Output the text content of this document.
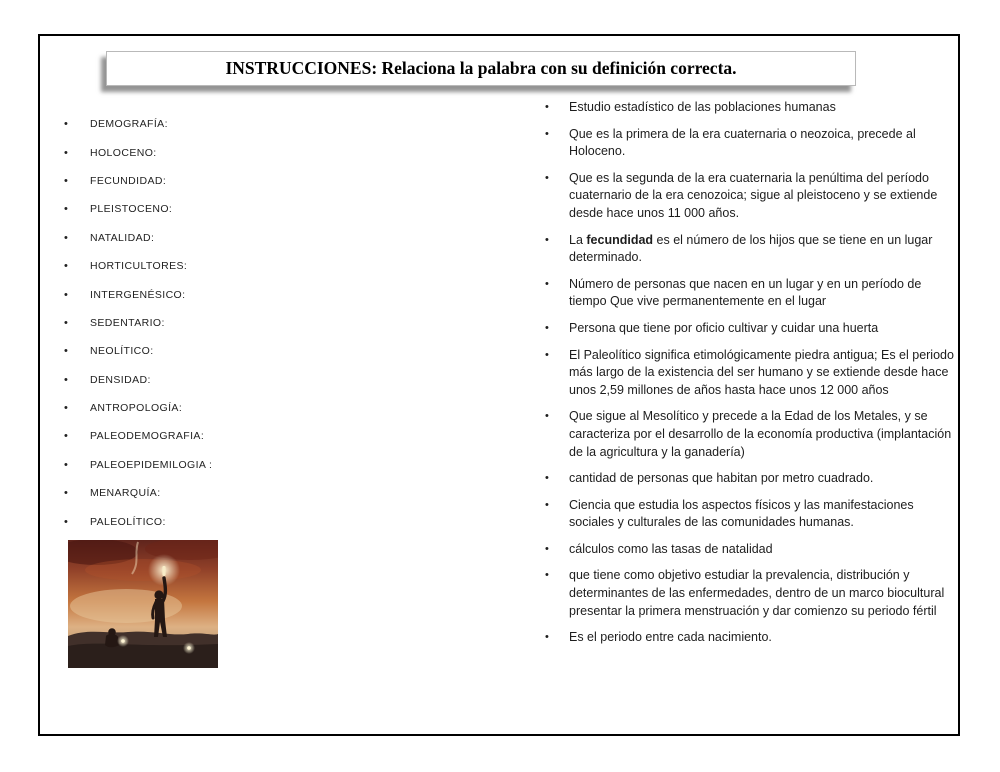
INSTRUCCIONES: Relaciona la palabra con su definición correcta.
•	DEMOGRAFÍA:
•	HOLOCENO:
•	FECUNDIDAD:
•	PLEISTOCENO:
•	NATALIDAD:
•	HORTICULTORES:
•	INTERGENÉSICO:
•	SEDENTARIO:
•	NEOLÍTICO:
•	DENSIDAD:
•	ANTROPOLOGÍA:
•	PALEODEMOGRAFIA:
•	PALEOEPIDEMILOGIA :
•	MENARQUÍA:
•	PALEOLÍTICO:
•	Estudio estadístico de las poblaciones humanas
•	Que es la primera de la era cuaternaria o neozoica, precede al Holoceno.
•	Que es la segunda de la era cuaternaria la penúltima del período cuaternario de la era cenozoica; sigue al pleistoceno y se extiende desde hace unos 11 000 años.
•	La fecundidad es el número de los hijos que se tiene en un lugar determinado.
•	Número de personas que nacen en un lugar y en un período de tiempo Que vive permanentemente en el lugar
•	Persona que tiene por oficio cultivar y cuidar una huerta
•	El Paleolítico significa etimológicamente piedra antigua; Es el periodo más largo de la existencia del ser humano y se extiende desde hace unos 2,59 millones de años hasta hace unos 12 000 años
•	Que sigue al Mesolítico y precede a la Edad de los Metales, y se caracteriza por el desarrollo de la economía productiva (implantación de la agricultura y la ganadería)
•	cantidad de personas que habitan por metro cuadrado.
•	Ciencia que estudia los aspectos físicos y las manifestaciones sociales y culturales de las comunidades humanas.
•	cálculos como las tasas de natalidad
•	que tiene como objetivo estudiar la prevalencia, distribución y determinantes de las enfermedades, dentro de un marco biocultural presentar la primera menstruación y dar comienzo su periodo fértil
•	Es el periodo entre cada nacimiento.
